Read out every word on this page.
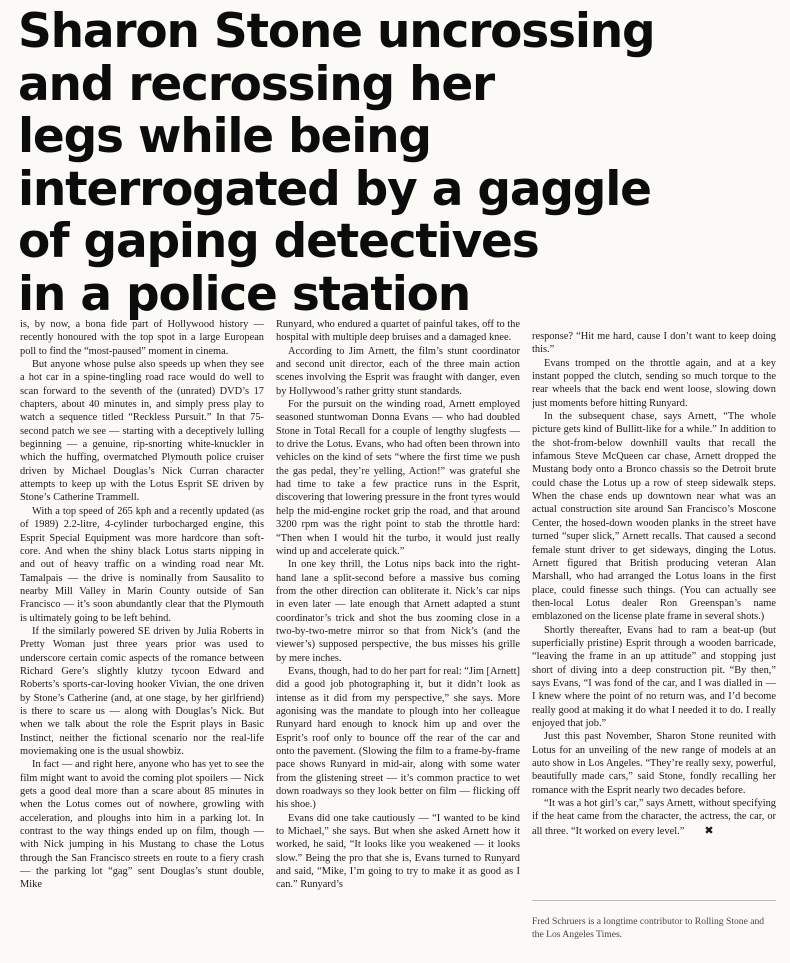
Sharon Stone uncrossing
and recrossing her
legs while being
interrogated by a gaggle
of gaping detectives
in a police station

is, by now, a bona fide part of Hollywood history — recently honoured with the top spot in a large European poll to find the “most-paused” moment in cinema.

But anyone whose pulse also speeds up when they see a hot car in a spine-tingling road race would do well to scan forward to the seventh of the (unrated) DVD’s 17 chapters, about 40 minutes in, and simply press play to watch a sequence titled “Reckless Pursuit.” In that 75-second patch we see — starting with a deceptively lulling beginning — a genuine, rip-snorting white-knuckler in which the huffing, overmatched Plymouth police cruiser driven by Michael Douglas’s Nick Curran character attempts to keep up with the Lotus Esprit SE driven by Stone’s Catherine Trammell.

With a top speed of 265 kph and a recently updated (as of 1989) 2.2-litre, 4-cylinder turbocharged engine, this Esprit Special Equipment was more hardcore than soft-core. And when the shiny black Lotus starts nipping in and out of heavy traffic on a winding road near Mt. Tamalpais — the drive is nominally from Sausalito to nearby Mill Valley in Marin County outside of San Francisco — it’s soon abundantly clear that the Plymouth is ultimately going to be left behind.

If the similarly powered SE driven by Julia Roberts in Pretty Woman just three years prior was used to underscore certain comic aspects of the romance between Richard Gere’s slightly klutzy tycoon Edward and Roberts’s sports-car-loving hooker Vivian, the one driven by Stone’s Catherine (and, at one stage, by her girlfriend) is there to scare us — along with Douglas’s Nick. But when we talk about the role the Esprit plays in Basic Instinct, neither the fictional scenario nor the real-life moviemaking one is the usual showbiz.

In fact — and right here, anyone who has yet to see the film might want to avoid the coming plot spoilers — Nick gets a good deal more than a scare about 85 minutes in when the Lotus comes out of nowhere, growling with acceleration, and ploughs into him in a parking lot. In contrast to the way things ended up on film, though — with Nick jumping in his Mustang to chase the Lotus through the San Francisco streets en route to a fiery crash — the parking lot “gag” sent Douglas’s stunt double, Mike

Runyard, who endured a quartet of painful takes, off to the hospital with multiple deep bruises and a damaged knee.

According to Jim Arnett, the film’s stunt coordinator and second unit director, each of the three main action scenes involving the Esprit was fraught with danger, even by Hollywood’s rather gritty stunt standards.

For the pursuit on the winding road, Arnett employed seasoned stuntwoman Donna Evans — who had doubled Stone in Total Recall for a couple of lengthy slugfests — to drive the Lotus. Evans, who had often been thrown into vehicles on the kind of sets “where the first time we push the gas pedal, they’re yelling, Action!” was grateful she had time to take a few practice runs in the Esprit, discovering that lowering pressure in the front tyres would help the mid-engine rocket grip the road, and that around 3200 rpm was the right point to stab the throttle hard: “Then when I would hit the turbo, it would just really wind up and accelerate quick.”

In one key thrill, the Lotus nips back into the right-hand lane a split-second before a massive bus coming from the other direction can obliterate it. Nick’s car nips in even later — late enough that Arnett adapted a stunt coordinator’s trick and shot the bus zooming close in a two-by-two-metre mirror so that from Nick’s (and the viewer’s) supposed perspective, the bus misses his grille by mere inches.

Evans, though, had to do her part for real: “Jim [Arnett] did a good job photographing it, but it didn’t look as intense as it did from my perspective,” she says. More agonising was the mandate to plough into her colleague Runyard hard enough to knock him up and over the Esprit’s roof only to bounce off the rear of the car and onto the pavement. (Slowing the film to a frame-by-frame pace shows Runyard in mid-air, along with some water from the glistening street — it’s common practice to wet down roadways so they look better on film — flicking off his shoe.)

Evans did one take cautiously — “I wanted to be kind to Michael,” she says. But when she asked Arnett how it worked, he said, “It looks like you weakened — it looks slow.” Being the pro that she is, Evans turned to Runyard and said, “Mike, I’m going to try to make it as good as I can.” Runyard’s

response? “Hit me hard, cause I don’t want to keep doing this.”

Evans tromped on the throttle again, and at a key instant popped the clutch, sending so much torque to the rear wheels that the back end went loose, slowing down just moments before hitting Runyard.

In the subsequent chase, says Arnett, “The whole picture gets kind of Bullitt-like for a while.” In addition to the shot-from-below downhill vaults that recall the infamous Steve McQueen car chase, Arnett dropped the Mustang body onto a Bronco chassis so the Detroit brute could chase the Lotus up a row of steep sidewalk steps. When the chase ends up downtown near what was an actual construction site around San Francisco’s Moscone Center, the hosed-down wooden planks in the street have turned “super slick,” Arnett recalls. That caused a second female stunt driver to get sideways, dinging the Lotus. Arnett figured that British producing veteran Alan Marshall, who had arranged the Lotus loans in the first place, could finesse such things. (You can actually see then-local Lotus dealer Ron Greenspan’s name emblazoned on the license plate frame in several shots.)

Shortly thereafter, Evans had to ram a beat-up (but superficially pristine) Esprit through a wooden barricade, “leaving the frame in an up attitude” and stopping just short of diving into a deep construction pit. “By then,” says Evans, “I was fond of the car, and I was dialled in — I knew where the point of no return was, and I’d become really good at making it do what I needed it to do. I really enjoyed that job.”

Just this past November, Sharon Stone reunited with Lotus for an unveiling of the new range of models at an auto show in Los Angeles. “They’re really sexy, powerful, beautifully made cars,” said Stone, fondly recalling her romance with the Esprit nearly two decades before.

“It was a hot girl’s car,” says Arnett, without specifying if the heat came from the character, the actress, the car, or all three. “It worked on every level.” ✖

Fred Schruers is a longtime contributor to Rolling Stone and the Los Angeles Times.
